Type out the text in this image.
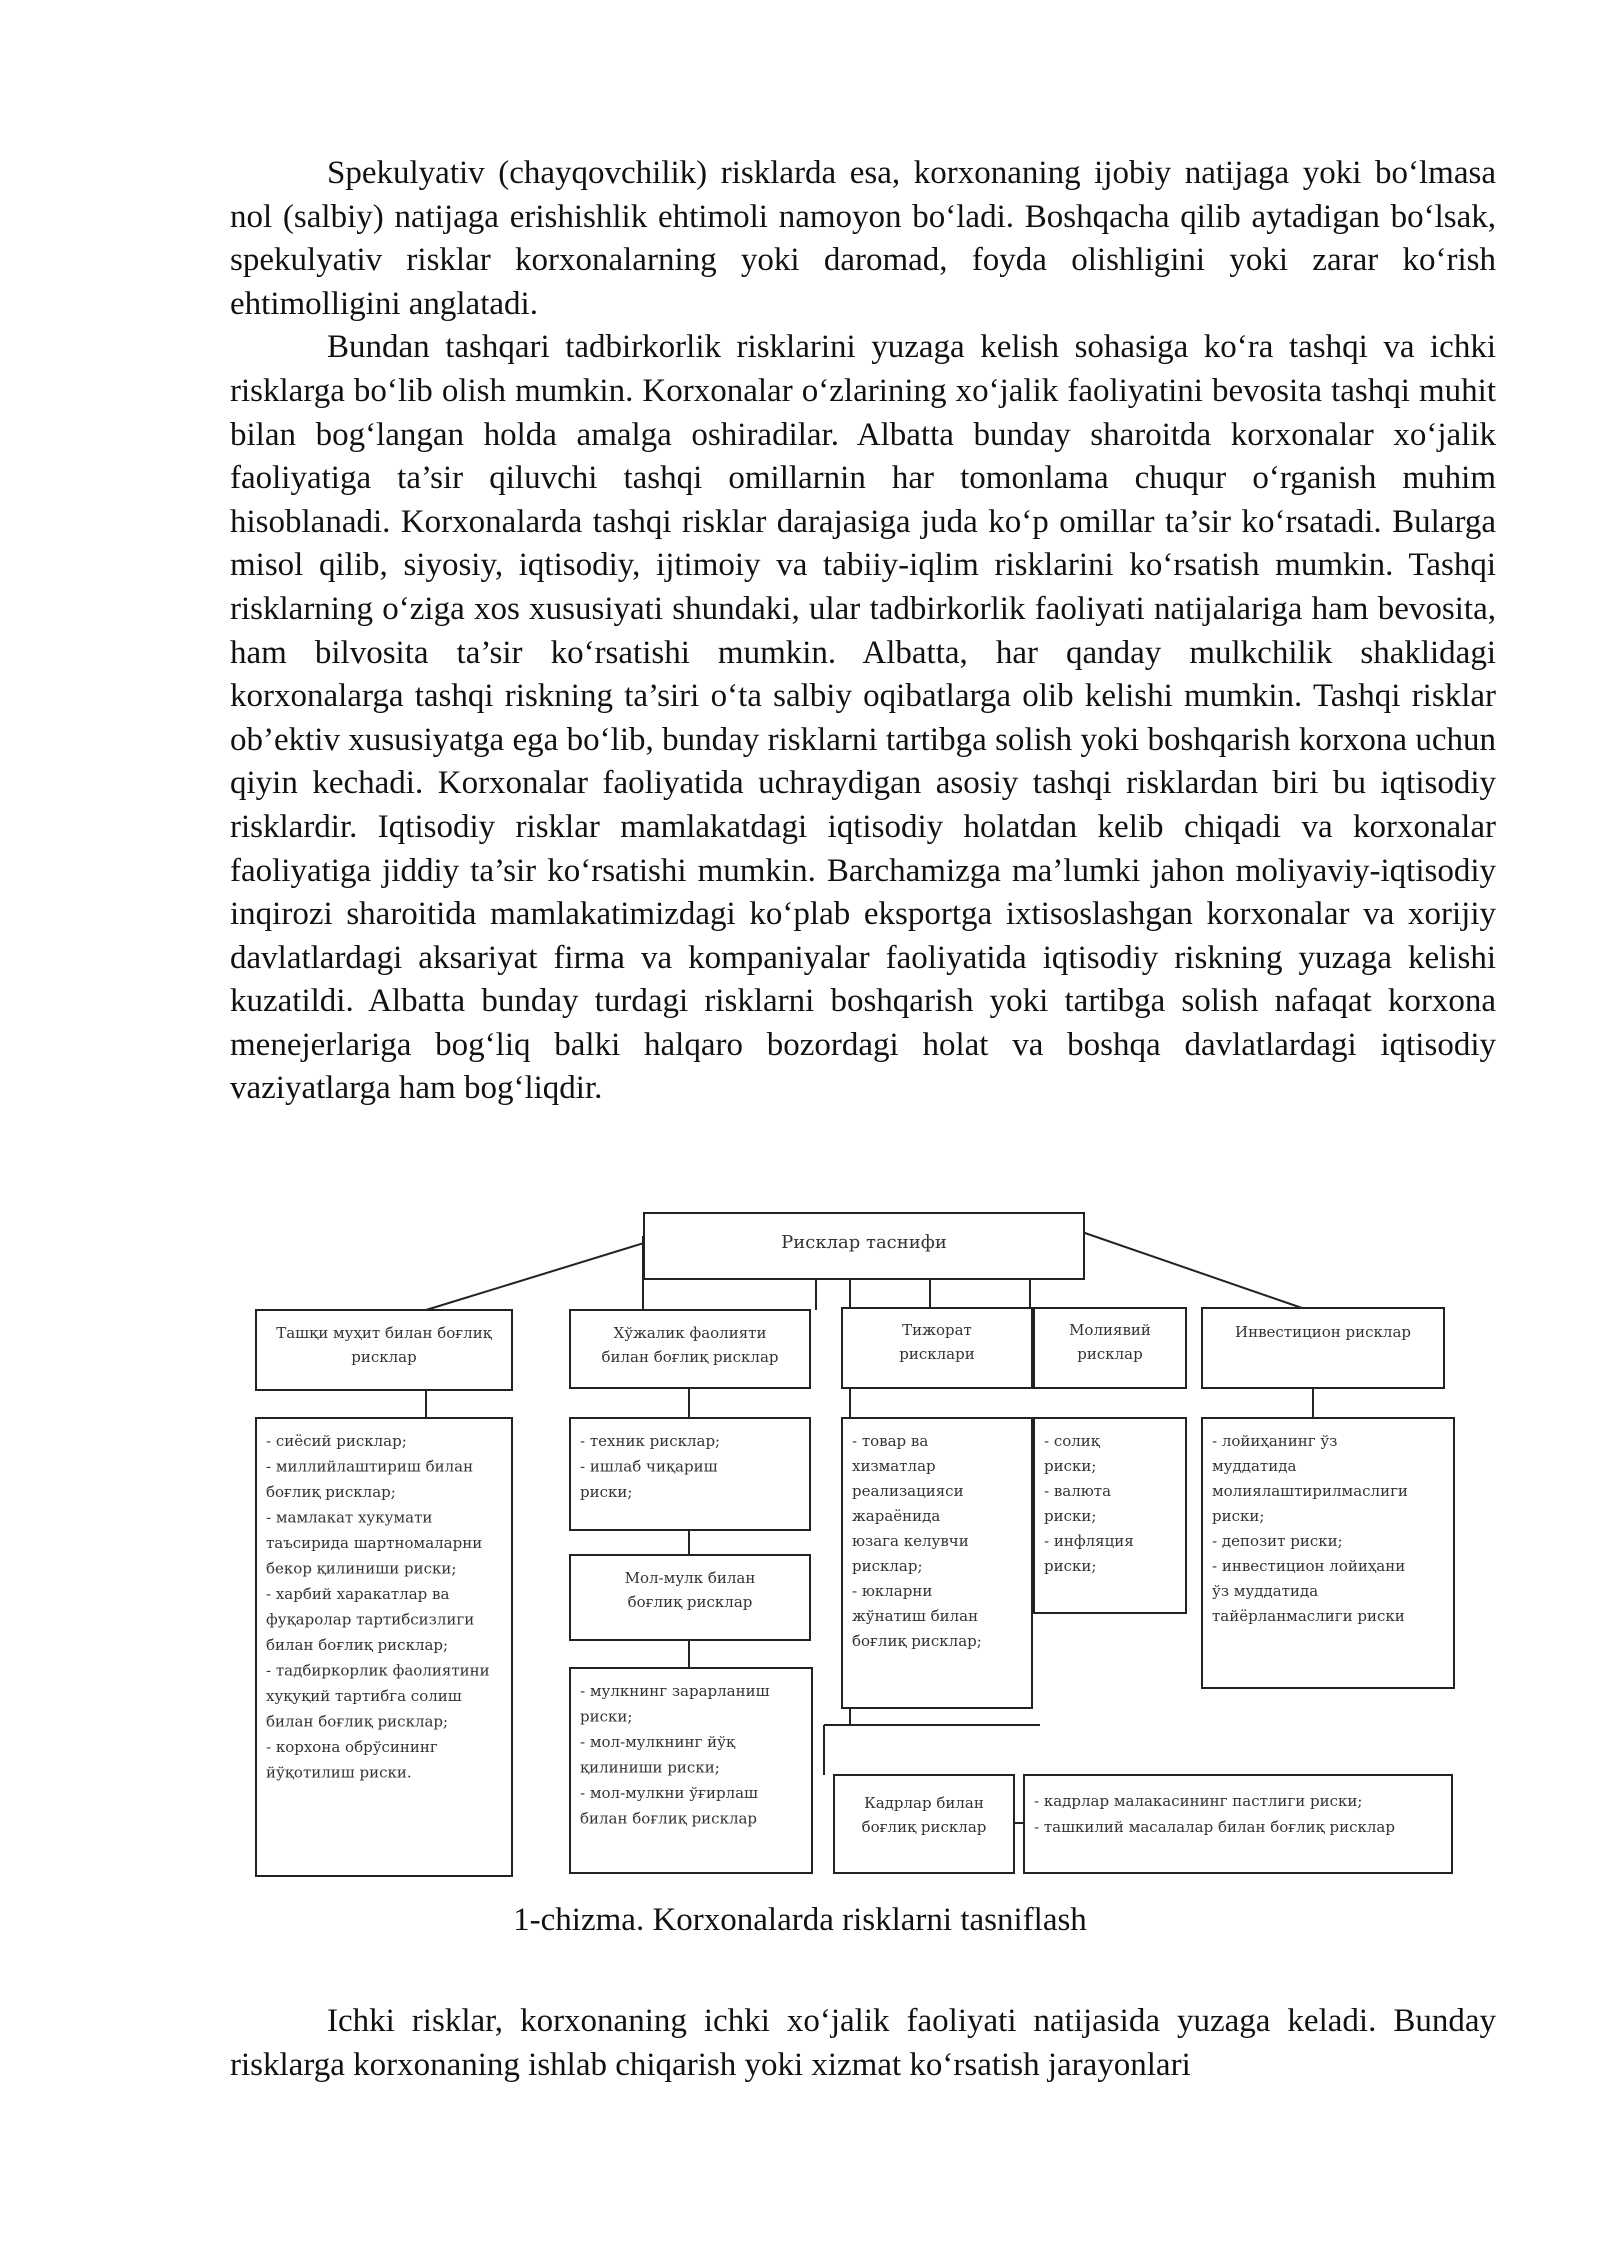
Spekulyativ (chayqovchilik) risklarda esa, korxonaning ijobiy natijaga yoki bo‘lmasa nol (salbiy) natijaga erishishlik ehtimoli namoyon bo‘ladi. Boshqacha qilib aytadigan bo‘lsak, spekulyativ risklar korxonalarning yoki daromad, foyda olishligini yoki zarar ko‘rish ehtimolligini anglatadi.

Bundan tashqari tadbirkorlik risklarini yuzaga kelish sohasiga ko‘ra tashqi va ichki risklarga bo‘lib olish mumkin. Korxonalar o‘zlarining xo‘jalik faoliyatini bevosita tashqi muhit bilan bog‘langan holda amalga oshiradilar. Albatta bunday sharoitda korxonalar xo‘jalik faoliyatiga ta’sir qiluvchi tashqi omillarnin har tomonlama chuqur o‘rganish muhim hisoblanadi. Korxonalarda tashqi risklar darajasiga juda ko‘p omillar ta’sir ko‘rsatadi. Bularga misol qilib, siyosiy, iqtisodiy, ijtimoiy va tabiiy-iqlim risklarini ko‘rsatish mumkin. Tashqi risklarning o‘ziga xos xususiyati shundaki, ular tadbirkorlik faoliyati natijalariga ham bevosita, ham bilvosita ta’sir ko‘rsatishi mumkin. Albatta, har qanday mulkchilik shaklidagi korxonalarga tashqi riskning ta’siri o‘ta salbiy oqibatlarga olib kelishi mumkin. Tashqi risklar ob’ektiv xususiyatga ega bo‘lib, bunday risklarni tartibga solish yoki boshqarish korxona uchun qiyin kechadi. Korxonalar faoliyatida uchraydigan asosiy tashqi risklardan biri bu iqtisodiy risklardir. Iqtisodiy risklar mamlakatdagi iqtisodiy holatdan kelib chiqadi va korxonalar faoliyatiga jiddiy ta’sir ko‘rsatishi mumkin. Barchamizga ma’lumki jahon moliyaviy-iqtisodiy inqirozi sharoitida mamlakatimizdagi ko‘plab eksportga ixtisoslashgan korxonalar va xorijiy davlatlardagi aksariyat firma va kompaniyalar faoliyatida iqtisodiy riskning yuzaga kelishi kuzatildi. Albatta bunday turdagi risklarni boshqarish yoki tartibga solish nafaqat korxona menejerlariga bog‘liq balki halqaro bozordagi holat va boshqa davlatlardagi iqtisodiy vaziyatlarga ham bog‘liqdir.

Рисклар таснифи
Ташқи муҳит билан боғлиқ
рисклар
Хўжалик фаолияти
билан боғлиқ рисклар
Тижорат
рисклари
Молиявий
рисклар
Инвестицион рисклар
- сиёсий рисклар;
- миллийлаштириш билан
боғлиқ рисклар;
- мамлакат хукумати
таъсирида шартномаларни
бекор қилиниши риски;
- харбий харакатлар ва
фуқаролар тартибсизлиги
билан боғлиқ рисклар;
- тадбиркорлик фаолиятини
хуқуқий тартибга солиш
билан боғлиқ рисклар;
- корхона обрўсининг
йўқотилиш риски.
- техник рисклар;
- ишлаб чиқариш
риски;
Мол-мулк билан
боғлиқ рисклар
- мулкнинг зарарланиш
риски;
- мол-мулкнинг йўқ
қилиниши риски;
- мол-мулкни ўғирлаш
билан боғлиқ рисклар
- товар ва
хизматлар
реализацияси
жараёнида
юзага келувчи
рисклар;
- юкларни
жўнатиш билан
боғлиқ рисклар;
- солиқ
риски;
- валюта
риски;
- инфляция
риски;
- лойиҳанинг ўз
муддатида
молиялаштирилмаслиги
риски;
- депозит риски;
- инвестицион лойиҳани
ўз муддатида
тайёрланмаслиги риски
Кадрлар билан
боғлиқ рисклар
- кадрлар малакасининг пастлиги риски;
- ташкилий масалалар билан боғлиқ рисклар
1-chizma. Korxonalarda risklarni tasniflash

Ichki risklar, korxonaning ichki xo‘jalik faoliyati natijasida yuzaga keladi. Bunday risklarga korxonaning ishlab chiqarish yoki xizmat ko‘rsatish jarayonlari
